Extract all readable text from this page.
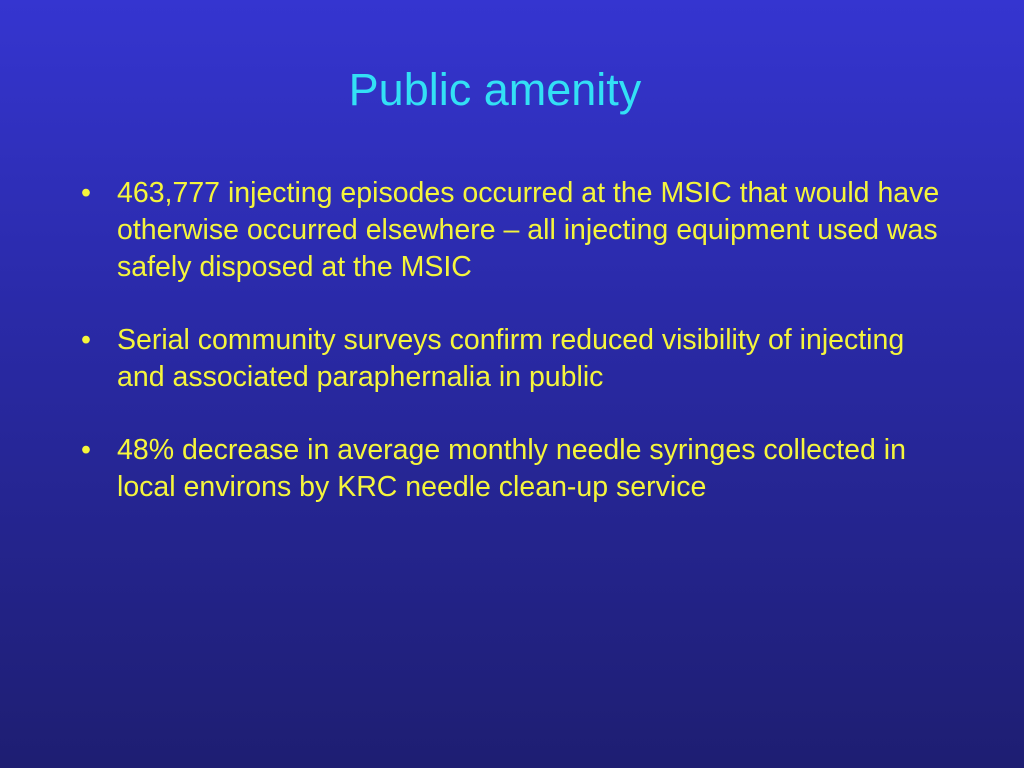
Public amenity
• 463,777 injecting episodes occurred at the MSIC that would have otherwise occurred elsewhere – all injecting equipment used was safely disposed at the MSIC
• Serial community surveys confirm reduced visibility of injecting and associated paraphernalia in public
• 48% decrease in average monthly needle syringes collected in local environs by KRC needle clean-up service
